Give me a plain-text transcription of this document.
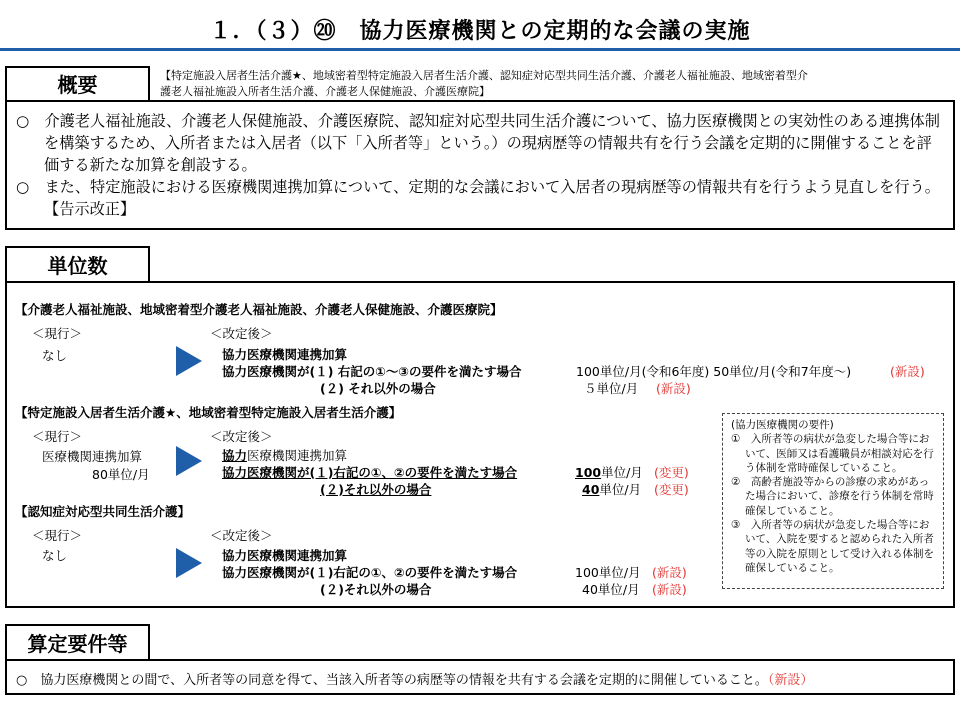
１．（３）⑳　協力医療機関との定期的な会議の実施
概要	【特定施設入居者生活介護★、地域密着型特定施設入居者生活介護、認知症対応型共同生活介護、介護老人福祉施設、地域密着型介
護老人福祉施設入所者生活介護、介護老人保健施設、介護医療院】

○　介護老人福祉施設、介護老人保健施設、介護医療院、認知症対応型共同生活介護について、協力医療機関との実効性のある連携体制を構築するため、入所者または入居者（以下「入所者等」という。）の現病歴等の情報共有を行う会議を定期的に開催することを評価する新たな加算を創設する。

○　また、特定施設における医療機関連携加算について、定期的な会議において入居者の現病歴等の情報共有を行うよう見直しを行う。【告示改正】

単位数
【介護老人福祉施設、地域密着型介護老人福祉施設、介護老人保健施設、介護医療院】
＜現行＞
なし
＜改定後＞
協力医療機関連携加算
協力医療機関が(１) 右記の①～③の要件を満たす場合	100単位/月(令和6年度) 50単位/月(令和7年度～)	(新設)
(２) それ以外の場合	５単位/月 (新設)
【特定施設入居者生活介護★、地域密着型特定施設入居者生活介護】
＜現行＞
医療機関連携加算
80単位/月
＜改定後＞
協力医療機関連携加算
協力医療機関が(１)右記の①、②の要件を満たす場合	100単位/月 (変更)
(２)それ以外の場合	40単位/月 (変更)
【認知症対応型共同生活介護】
＜現行＞
なし
＜改定後＞
協力医療機関連携加算
協力医療機関が(１)右記の①、②の要件を満たす場合	100単位/月 (新設)
(２)それ以外の場合	40単位/月 (新設)
(協力医療機関の要件)
①　入所者等の病状が急変した場合等において、医師又は看護職員が相談対応を行う体制を常時確保していること。
②　高齢者施設等からの診療の求めがあった場合において、診療を行う体制を常時確保していること。
③　入所者等の病状が急変した場合等において、入院を要すると認められた入所者等の入院を原則として受け入れる体制を確保していること。
算定要件等
○　協力医療機関との間で、入所者等の同意を得て、当該入所者等の病歴等の情報を共有する会議を定期的に開催していること。（新設）
